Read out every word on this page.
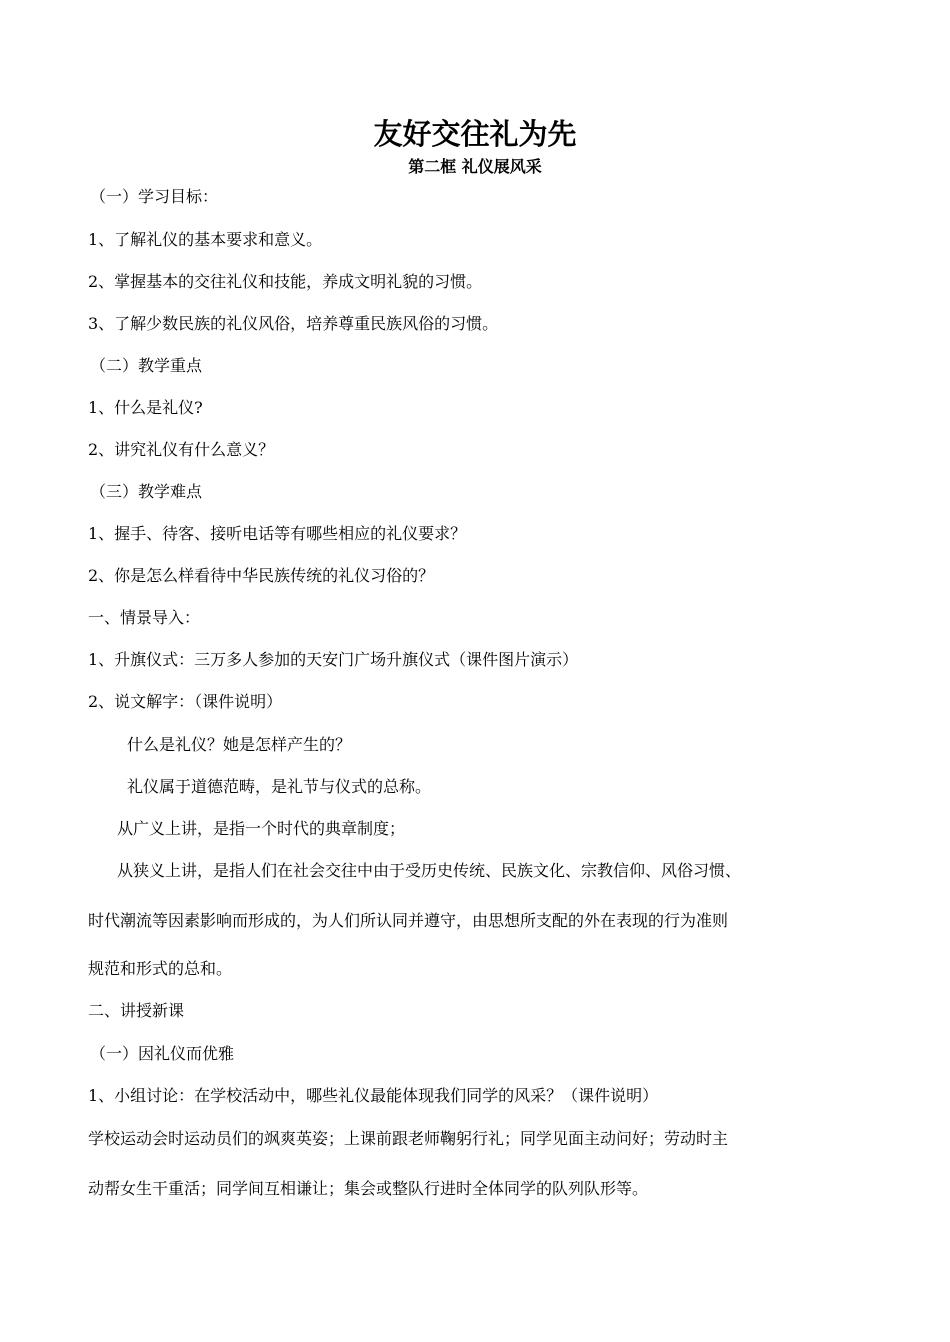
友好交往礼为先
第二框 礼仪展风采
（一）学习目标：
1、了解礼仪的基本要求和意义。
2、掌握基本的交往礼仪和技能，养成文明礼貌的习惯。
3、了解少数民族的礼仪风俗，培养尊重民族风俗的习惯。
（二）教学重点
1、什么是礼仪?
2、讲究礼仪有什么意义？
（三）教学难点
1、握手、待客、接听电话等有哪些相应的礼仪要求？
2、你是怎么样看待中华民族传统的礼仪习俗的？
一、情景导入：
1、升旗仪式：三万多人参加的天安门广场升旗仪式（课件图片演示）
2、说文解字：（课件说明）
什么是礼仪？她是怎样产生的？
礼仪属于道德范畴，是礼节与仪式的总称。
从广义上讲，是指一个时代的典章制度；
从狭义上讲，是指人们在社会交往中由于受历史传统、民族文化、宗教信仰、风俗习惯、
时代潮流等因素影响而形成的，为人们所认同并遵守，由思想所支配的外在表现的行为准则
规范和形式的总和。
二、讲授新课
（一）因礼仪而优雅
1、小组讨论：在学校活动中，哪些礼仪最能体现我们同学的风采？（课件说明）
学校运动会时运动员们的飒爽英姿；上课前跟老师鞠躬行礼；同学见面主动问好；劳动时主
动帮女生干重活；同学间互相谦让；集会或整队行进时全体同学的队列队形等。
